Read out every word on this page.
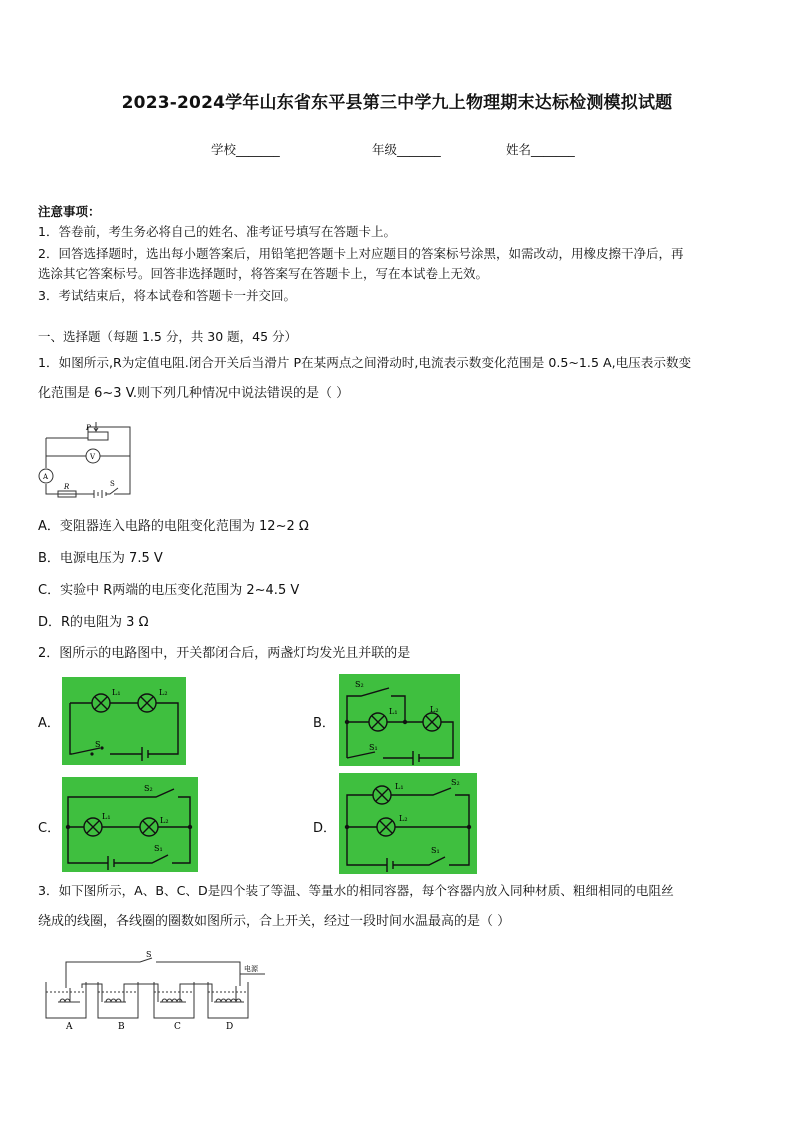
2023-2024学年山东省东平县第三中学九上物理期末达标检测模拟试题
学校_______	年级_______	姓名_______
注意事项：
1．答卷前，考生务必将自己的姓名、准考证号填写在答题卡上。
2．回答选择题时，选出每小题答案后，用铅笔把答题卡上对应题目的答案标号涂黑，如需改动，用橡皮擦干净后，再
选涂其它答案标号。回答非选择题时，将答案写在答题卡上，写在本试卷上无效。
3．考试结束后，将本试卷和答题卡一并交回。
一、选择题（每题 1.5 分，共 30 题，45 分）
1．如图所示,R为定值电阻.闭合开关后当滑片 P在某两点之间滑动时,电流表示数变化范围是 0.5~1.5 A,电压表示数变
化范围是 6~3 V.则下列几种情况中说法错误的是（ ）
P
V
A
R	S
A．变阻器连入电路的电阻变化范围为 12~2 Ω
B．电源电压为 7.5 V
C．实验中 R两端的电压变化范围为 2~4.5 V
D．R的电阻为 3 Ω
2．图所示的电路图中，开关都闭合后，两盏灯均发光且并联的是
A．
L₁	L₂
S
B．
S₂
L₁	L₂
S₁
C．
S₂
L₁	L₂
S₁
D．
L₁	S₂
L₂
S₁
3．如下图所示，A、B、C、D是四个装了等温、等量水的相同容器，每个容器内放入同种材质、粗细相同的电阻丝
绕成的线圈，各线圈的圈数如图所示，合上开关，经过一段时间水温最高的是（ ）
S
电源
A	B	C	D
